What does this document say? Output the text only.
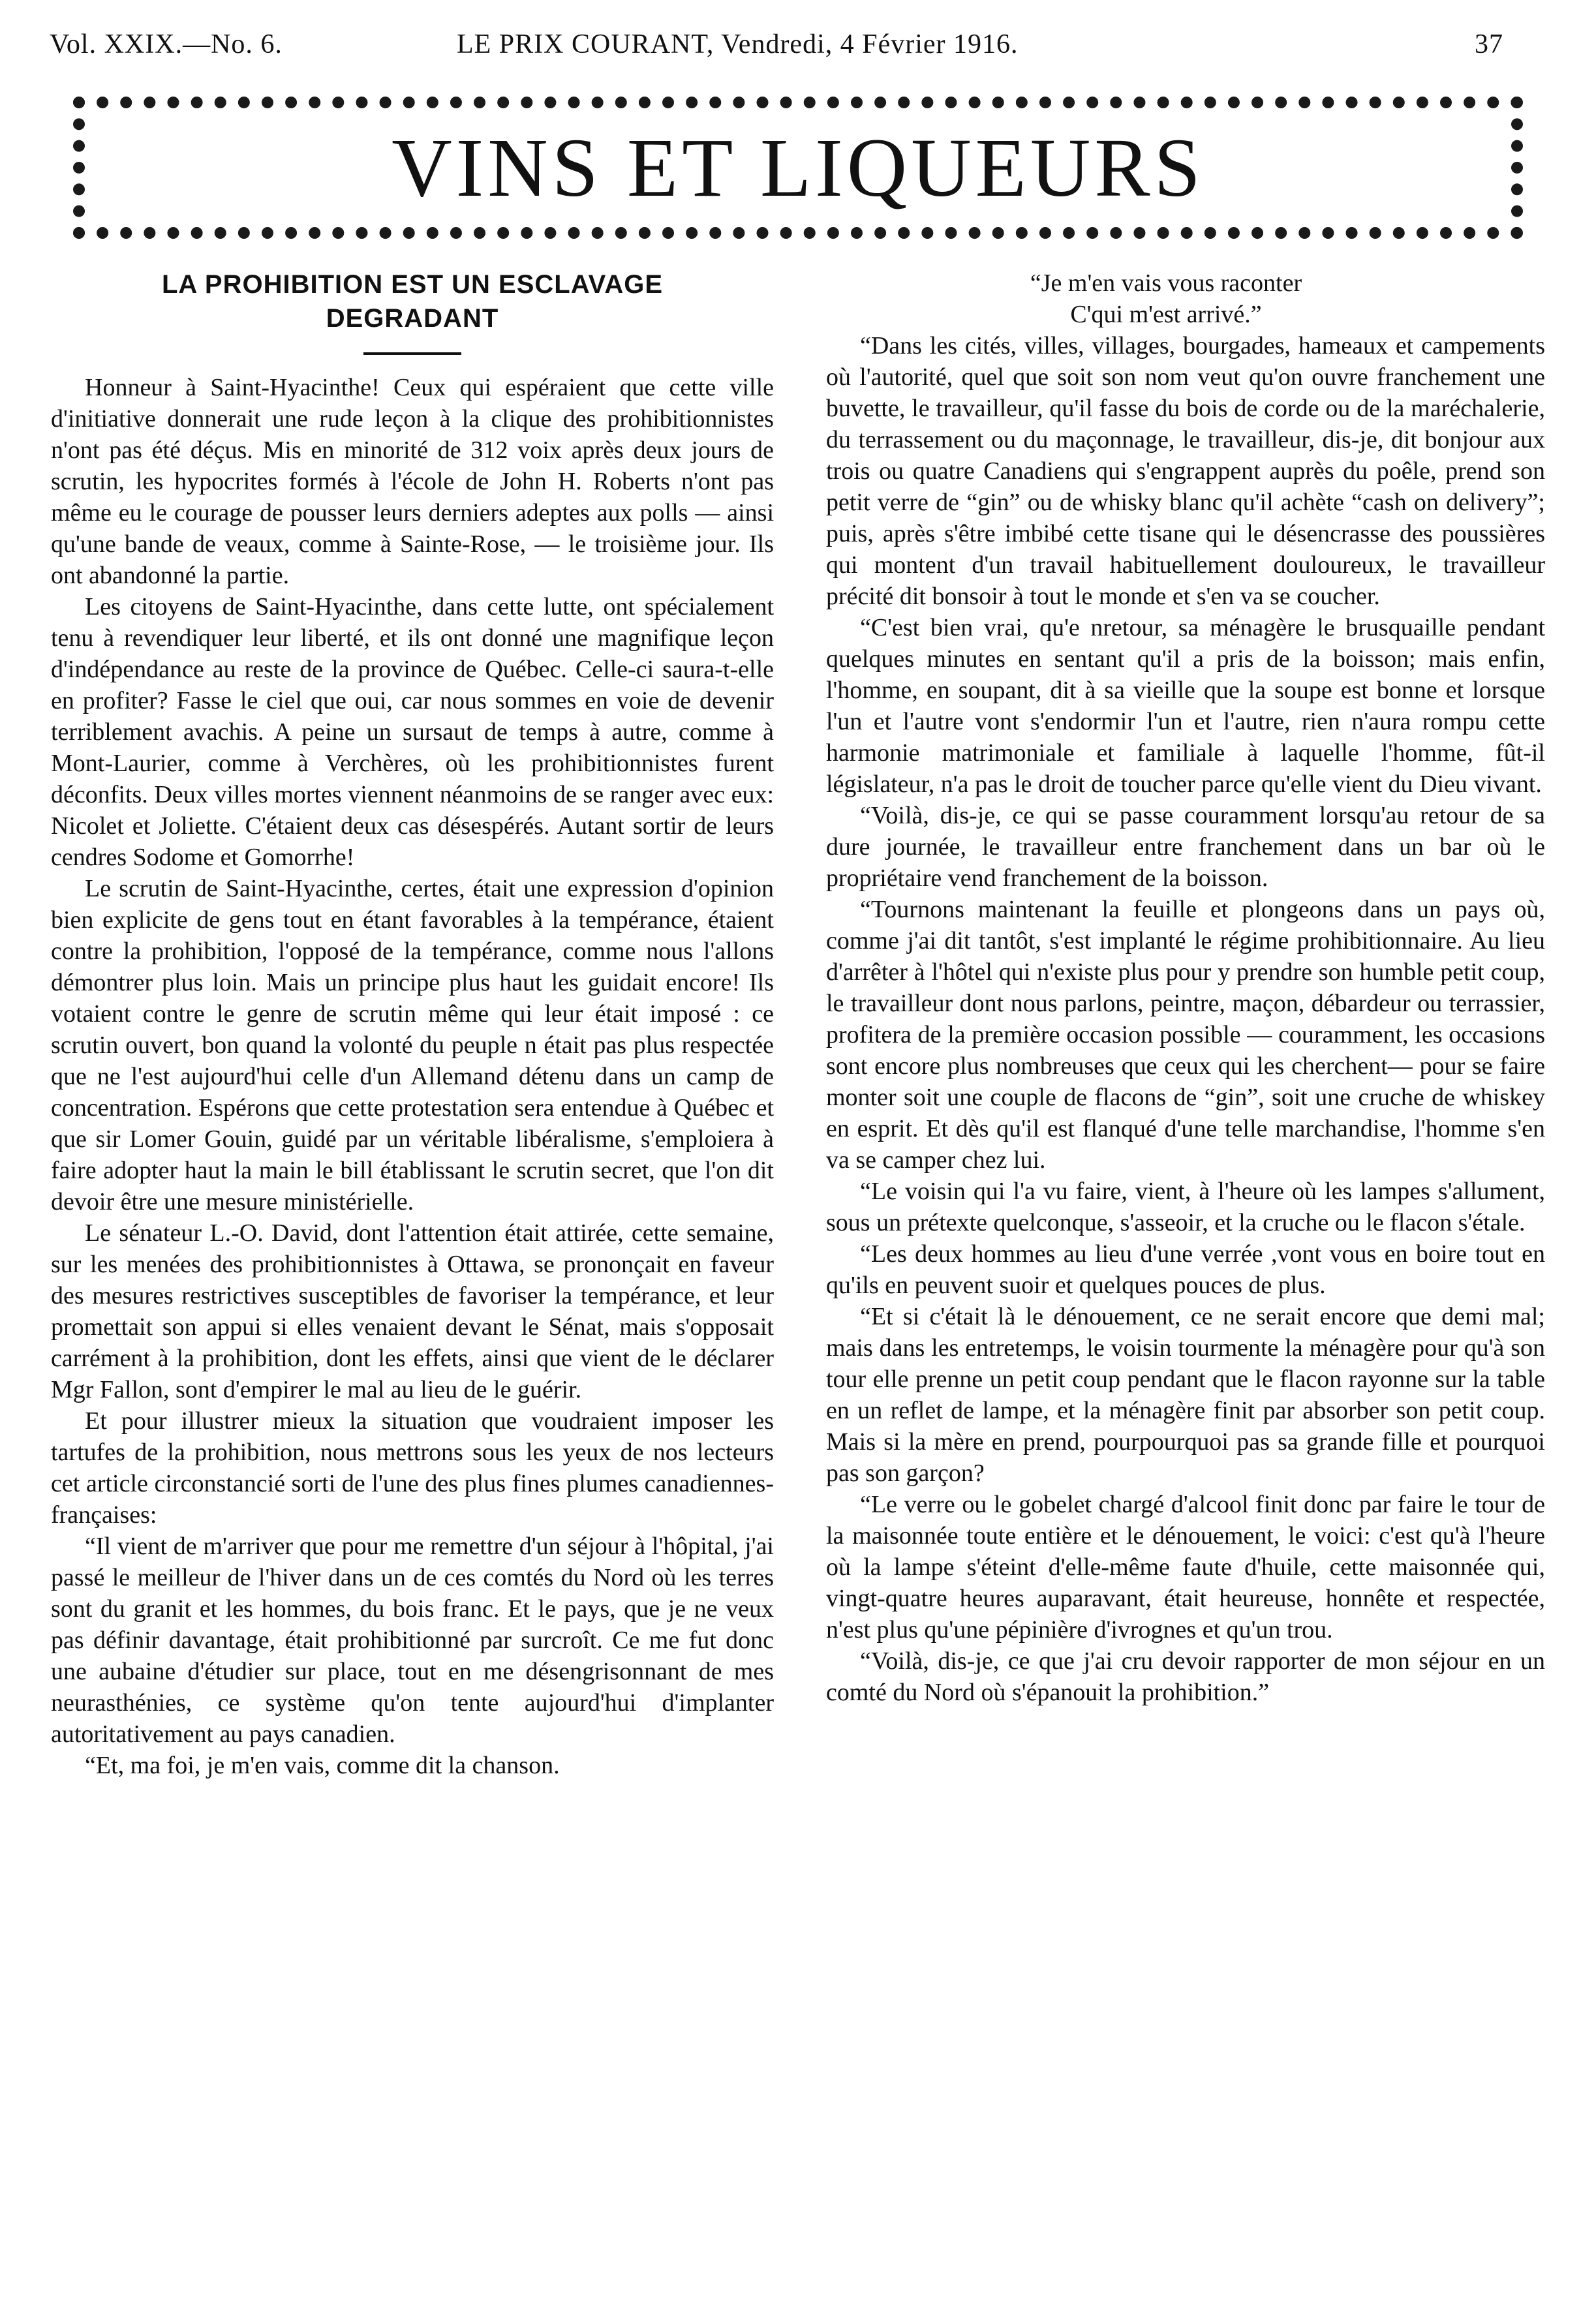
Vol. XXIX.—No. 6.	LE PRIX COURANT, Vendredi, 4 Février 1916.	37
VINS ET LIQUEURS
LA PROHIBITION EST UN ESCLAVAGE
DEGRADANT

Honneur à Saint-Hyacinthe! Ceux qui espéraient que cette ville d'initiative donnerait une rude leçon à la clique des prohibitionnistes n'ont pas été déçus. Mis en minorité de 312 voix après deux jours de scrutin, les hypocrites formés à l'école de John H. Roberts n'ont pas même eu le courage de pousser leurs derniers adeptes aux polls — ainsi qu'une bande de veaux, comme à Sainte-Rose, — le troisième jour. Ils ont abandonné la partie.

Les citoyens de Saint-Hyacinthe, dans cette lutte, ont spécialement tenu à revendiquer leur liberté, et ils ont donné une magnifique leçon d'indépendance au reste de la province de Québec. Celle-ci saura-t-elle en profiter? Fasse le ciel que oui, car nous sommes en voie de devenir terriblement avachis. A peine un sursaut de temps à autre, comme à Mont-Laurier, comme à Verchères, où les prohibitionnistes furent déconfits. Deux villes mortes viennent néanmoins de se ranger avec eux: Nicolet et Joliette. C'étaient deux cas désespérés. Autant sortir de leurs cendres Sodome et Gomorrhe!

Le scrutin de Saint-Hyacinthe, certes, était une expression d'opinion bien explicite de gens tout en étant favorables à la tempérance, étaient contre la prohibition, l'opposé de la tempérance, comme nous l'allons démontrer plus loin. Mais un principe plus haut les guidait encore! Ils votaient contre le genre de scrutin même qui leur était imposé : ce scrutin ouvert, bon quand la volonté du peuple n était pas plus respectée que ne l'est aujourd'hui celle d'un Allemand détenu dans un camp de concentration. Espérons que cette protestation sera entendue à Québec et que sir Lomer Gouin, guidé par un véritable libéralisme, s'emploiera à faire adopter haut la main le bill établissant le scrutin secret, que l'on dit devoir être une mesure ministérielle.

Le sénateur L.-O. David, dont l'attention était attirée, cette semaine, sur les menées des prohibitionnistes à Ottawa, se prononçait en faveur des mesures restrictives susceptibles de favoriser la tempérance, et leur promettait son appui si elles venaient devant le Sénat, mais s'opposait carrément à la prohibition, dont les effets, ainsi que vient de le déclarer Mgr Fallon, sont d'empirer le mal au lieu de le guérir.

Et pour illustrer mieux la situation que voudraient imposer les tartufes de la prohibition, nous mettrons sous les yeux de nos lecteurs cet article circonstancié sorti de l'une des plus fines plumes canadiennes-françaises:

“Il vient de m'arriver que pour me remettre d'un séjour à l'hôpital, j'ai passé le meilleur de l'hiver dans un de ces comtés du Nord où les terres sont du granit et les hommes, du bois franc. Et le pays, que je ne veux pas définir davantage, était prohibitionné par surcroît. Ce me fut donc une aubaine d'étudier sur place, tout en me désengrisonnant de mes neurasthénies, ce système qu'on tente aujourd'hui d'implanter autoritativement au pays canadien.

“Et, ma foi, je m'en vais, comme dit la chanson.

“Je m'en vais vous raconter

C'qui m'est arrivé.”

“Dans les cités, villes, villages, bourgades, hameaux et campements où l'autorité, quel que soit son nom veut qu'on ouvre franchement une buvette, le travailleur, qu'il fasse du bois de corde ou de la maréchalerie, du terrassement ou du maçonnage, le travailleur, dis-je, dit bonjour aux trois ou quatre Canadiens qui s'engrappent auprès du poêle, prend son petit verre de “gin” ou de whisky blanc qu'il achète “cash on delivery”; puis, après s'être imbibé cette tisane qui le désencrasse des poussières qui montent d'un travail habituellement douloureux, le travailleur précité dit bonsoir à tout le monde et s'en va se coucher.

“C'est bien vrai, qu'e nretour, sa ménagère le brusquaille pendant quelques minutes en sentant qu'il a pris de la boisson; mais enfin, l'homme, en soupant, dit à sa vieille que la soupe est bonne et lorsque l'un et l'autre vont s'endormir l'un et l'autre, rien n'aura rompu cette harmonie matrimoniale et familiale à laquelle l'homme, fût-il législateur, n'a pas le droit de toucher parce qu'elle vient du Dieu vivant.

“Voilà, dis-je, ce qui se passe couramment lorsqu'au retour de sa dure journée, le travailleur entre franchement dans un bar où le propriétaire vend franchement de la boisson.

“Tournons maintenant la feuille et plongeons dans un pays où, comme j'ai dit tantôt, s'est implanté le régime prohibitionnaire. Au lieu d'arrêter à l'hôtel qui n'existe plus pour y prendre son humble petit coup, le travailleur dont nous parlons, peintre, maçon, débardeur ou terrassier, profitera de la première occasion possible — couramment, les occasions sont encore plus nombreuses que ceux qui les cherchent— pour se faire monter soit une couple de flacons de “gin”, soit une cruche de whiskey en esprit. Et dès qu'il est flanqué d'une telle marchandise, l'homme s'en va se camper chez lui.

“Le voisin qui l'a vu faire, vient, à l'heure où les lampes s'allument, sous un prétexte quelconque, s'asseoir, et la cruche ou le flacon s'étale.

“Les deux hommes au lieu d'une verrée ,vont vous en boire tout en qu'ils en peuvent suoir et quelques pouces de plus.

“Et si c'était là le dénouement, ce ne serait encore que demi mal; mais dans les entretemps, le voisin tourmente la ménagère pour qu'à son tour elle prenne un petit coup pendant que le flacon rayonne sur la table en un reflet de lampe, et la ménagère finit par absorber son petit coup. Mais si la mère en prend, pourpourquoi pas sa grande fille et pourquoi pas son garçon?

“Le verre ou le gobelet chargé d'alcool finit donc par faire le tour de la maisonnée toute entière et le dénouement, le voici: c'est qu'à l'heure où la lampe s'éteint d'elle-même faute d'huile, cette maisonnée qui, vingt-quatre heures auparavant, était heureuse, honnête et respectée, n'est plus qu'une pépinière d'ivrognes et qu'un trou.

“Voilà, dis-je, ce que j'ai cru devoir rapporter de mon séjour en un comté du Nord où s'épanouit la prohibition.”
